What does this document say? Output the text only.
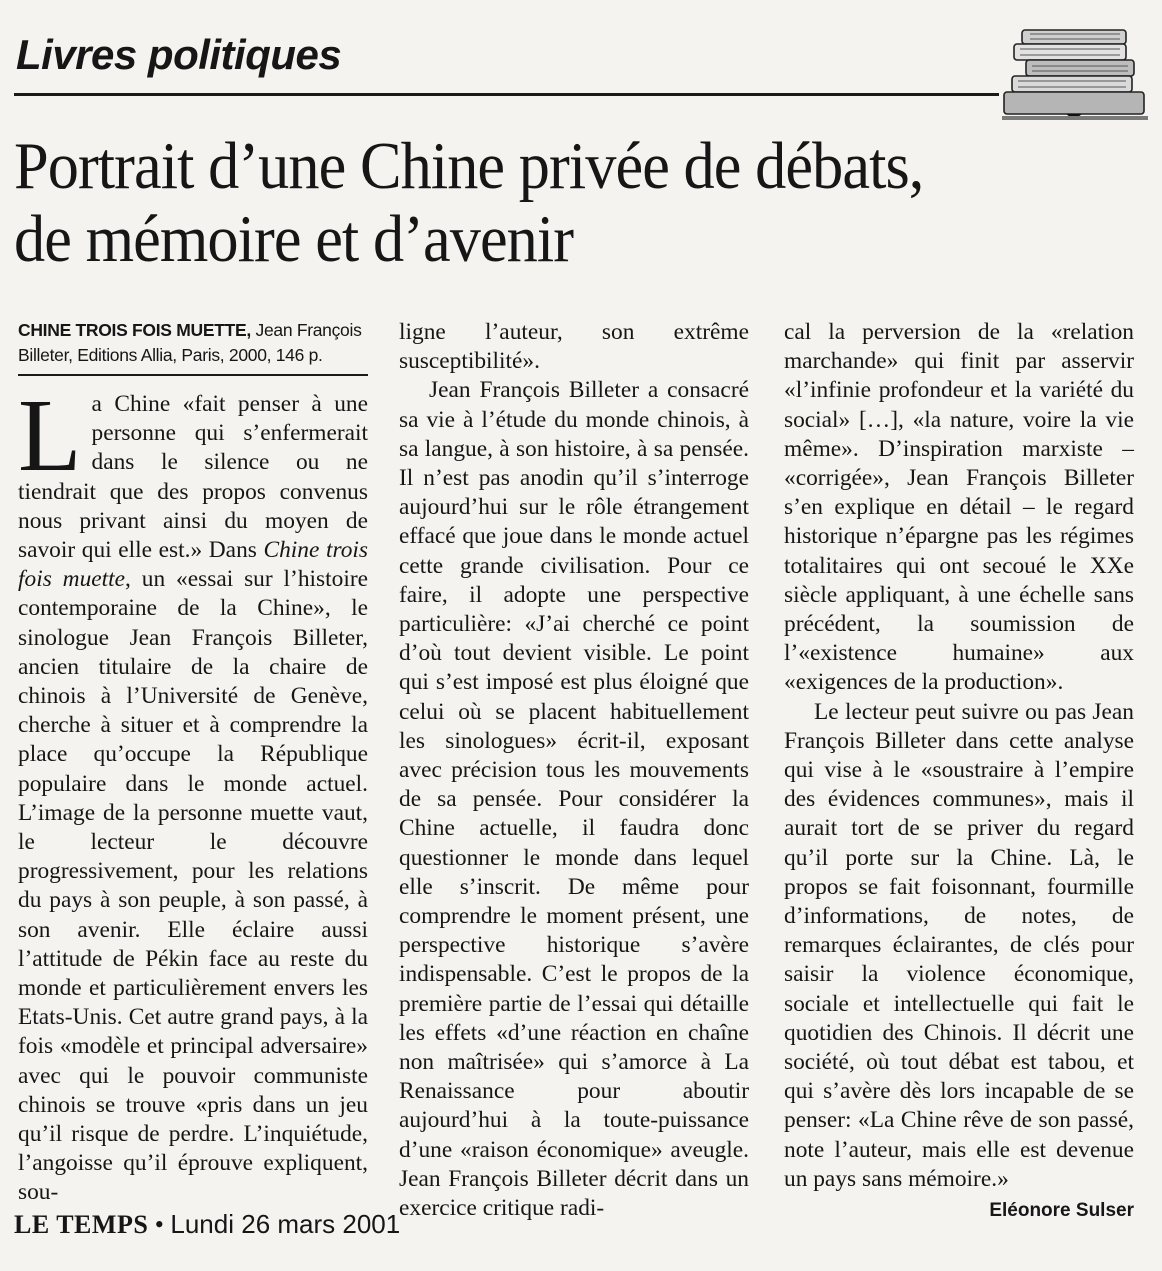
Livres politiques
Portrait d’une Chine privée de débats,
de mémoire et d’avenir
CHINE TROIS FOIS MUETTE, Jean François Billeter, Editions Allia, Paris, 2000, 146 p.

La Chine «fait penser à une personne qui s’enfermerait dans le silence ou ne tiendrait que des propos convenus nous privant ainsi du moyen de savoir qui elle est.» Dans Chine trois fois muette, un «essai sur l’histoire contemporaine de la Chine», le sinologue Jean François Billeter, ancien titulaire de la chaire de chinois à l’Université de Genève, cherche à situer et à comprendre la place qu’occupe la République populaire dans le monde actuel. L’image de la personne muette vaut, le lecteur le découvre progressivement, pour les relations du pays à son peuple, à son passé, à son avenir. Elle éclaire aussi l’attitude de Pékin face au reste du monde et particulièrement envers les Etats-Unis. Cet autre grand pays, à la fois «modèle et principal adversaire» avec qui le pouvoir communiste chinois se trouve «pris dans un jeu qu’il risque de perdre. L’inquiétude, l’angoisse qu’il éprouve expliquent, sou-

ligne l’auteur, son extrême susceptibilité».

Jean François Billeter a consacré sa vie à l’étude du monde chinois, à sa langue, à son histoire, à sa pensée. Il n’est pas anodin qu’il s’interroge aujourd’hui sur le rôle étrangement effacé que joue dans le monde actuel cette grande civilisation. Pour ce faire, il adopte une perspective particulière: «J’ai cherché ce point d’où tout devient visible. Le point qui s’est imposé est plus éloigné que celui où se placent habituellement les sinologues» écrit-il, exposant avec précision tous les mouvements de sa pensée. Pour considérer la Chine actuelle, il faudra donc questionner le monde dans lequel elle s’inscrit. De même pour comprendre le moment présent, une perspective historique s’avère indispensable. C’est le propos de la première partie de l’essai qui détaille les effets «d’une réaction en chaîne non maîtrisée» qui s’amorce à La Renaissance pour aboutir aujourd’hui à la toute-puissance d’une «raison économique» aveugle. Jean François Billeter décrit dans un exercice critique radi-

cal la perversion de la «relation marchande» qui finit par asservir «l’infinie profondeur et la variété du social» […], «la nature, voire la vie même». D’inspiration marxiste – «corrigée», Jean François Billeter s’en explique en détail – le regard historique n’épargne pas les régimes totalitaires qui ont secoué le XXe siècle appliquant, à une échelle sans précédent, la soumission de l’«existence humaine» aux «exigences de la production».

Le lecteur peut suivre ou pas Jean François Billeter dans cette analyse qui vise à le «soustraire à l’empire des évidences communes», mais il aurait tort de se priver du regard qu’il porte sur la Chine. Là, le propos se fait foisonnant, fourmille d’informations, de notes, de remarques éclairantes, de clés pour saisir la violence économique, sociale et intellectuelle qui fait le quotidien des Chinois. Il décrit une société, où tout débat est tabou, et qui s’avère dès lors incapable de se penser: «La Chine rêve de son passé, note l’auteur, mais elle est devenue un pays sans mémoire.»

Eléonore Sulser
LE TEMPS • Lundi 26 mars 2001
